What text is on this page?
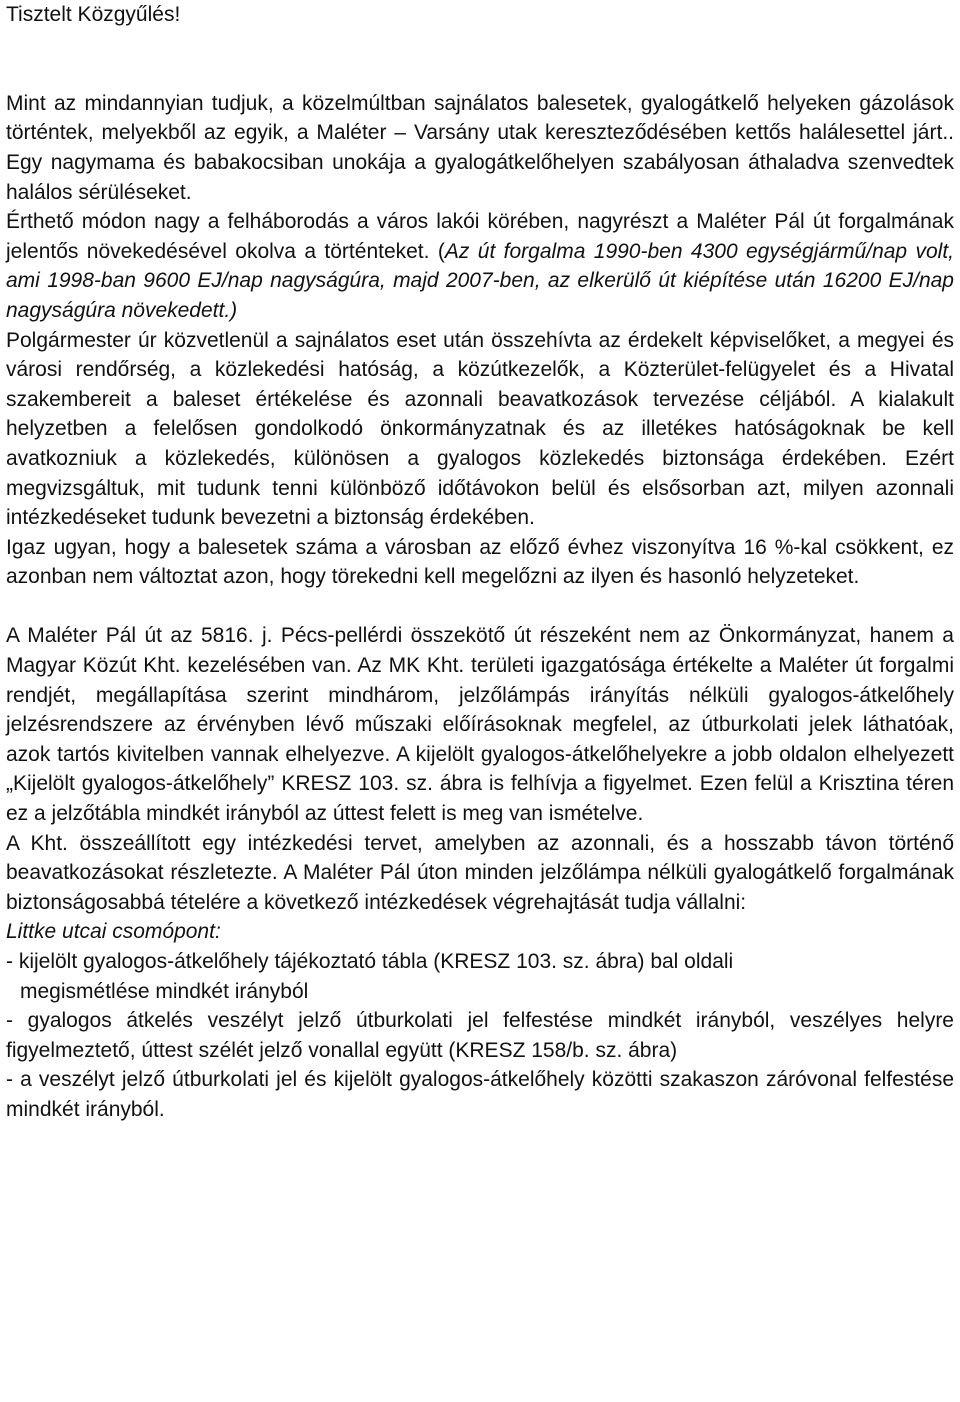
Tisztelt Közgyűlés!

Mint az mindannyian tudjuk, a közelmúltban sajnálatos balesetek, gyalogátkelő helyeken gázolások történtek, melyekből az egyik, a Maléter – Varsány utak kereszteződésében kettős halálesettel járt.. Egy nagymama és babakocsiban unokája a gyalogátkelőhelyen szabályosan áthaladva szenvedtek halálos sérüléseket.

Érthető módon nagy a felháborodás a város lakói körében, nagyrészt a Maléter Pál út forgalmának jelentős növekedésével okolva a történteket. (Az út forgalma 1990-ben 4300 egységjármű/nap volt, ami 1998-ban 9600 EJ/nap nagyságúra, majd 2007-ben, az elkerülő út kiépítése után 16200 EJ/nap nagyságúra növekedett.)

Polgármester úr közvetlenül a sajnálatos eset után összehívta az érdekelt képviselőket, a megyei és városi rendőrség, a közlekedési hatóság, a közútkezelők, a Közterület-felügyelet és a Hivatal szakembereit a baleset értékelése és azonnali beavatkozások tervezése céljából. A kialakult helyzetben a felelősen gondolkodó önkormányzatnak és az illetékes hatóságoknak be kell avatkozniuk a közlekedés, különösen a gyalogos közlekedés biztonsága érdekében. Ezért megvizsgáltuk, mit tudunk tenni különböző időtávokon belül és elsősorban azt, milyen azonnali intézkedéseket tudunk bevezetni a biztonság érdekében.

Igaz ugyan, hogy a balesetek száma a városban az előző évhez viszonyítva 16 %-kal csökkent, ez azonban nem változtat azon, hogy törekedni kell megelőzni az ilyen és hasonló helyzeteket.

A Maléter Pál út az 5816. j. Pécs-pellérdi összekötő út részeként nem az Önkormányzat, hanem a Magyar Közút Kht. kezelésében van. Az MK Kht. területi igazgatósága értékelte a Maléter út forgalmi rendjét, megállapítása szerint mindhárom, jelzőlámpás irányítás nélküli gyalogos-átkelőhely jelzésrendszere az érvényben lévő műszaki előírásoknak megfelel, az útburkolati jelek láthatóak, azok tartós kivitelben vannak elhelyezve. A kijelölt gyalogos-átkelőhelyekre a jobb oldalon elhelyezett „Kijelölt gyalogos-átkelőhely” KRESZ 103. sz. ábra is felhívja a figyelmet. Ezen felül a Krisztina téren ez a jelzőtábla mindkét irányból az úttest felett is meg van ismételve.

A Kht. összeállított egy intézkedési tervet, amelyben az azonnali, és a hosszabb távon történő beavatkozásokat részletezte. A Maléter Pál úton minden jelzőlámpa nélküli gyalogátkelő forgalmának biztonságosabbá tételére a következő intézkedések végrehajtását tudja vállalni:

Littke utcai csomópont:

- kijelölt gyalogos-átkelőhely tájékoztató tábla (KRESZ 103. sz. ábra) bal oldali

megismétlése mindkét irányból

- gyalogos átkelés veszélyt jelző útburkolati jel felfestése mindkét irányból, veszélyes helyre figyelmeztető, úttest szélét jelző vonallal együtt (KRESZ 158/b. sz. ábra)

- a veszélyt jelző útburkolati jel és kijelölt gyalogos-átkelőhely közötti szakaszon záróvonal felfestése mindkét irányból.
